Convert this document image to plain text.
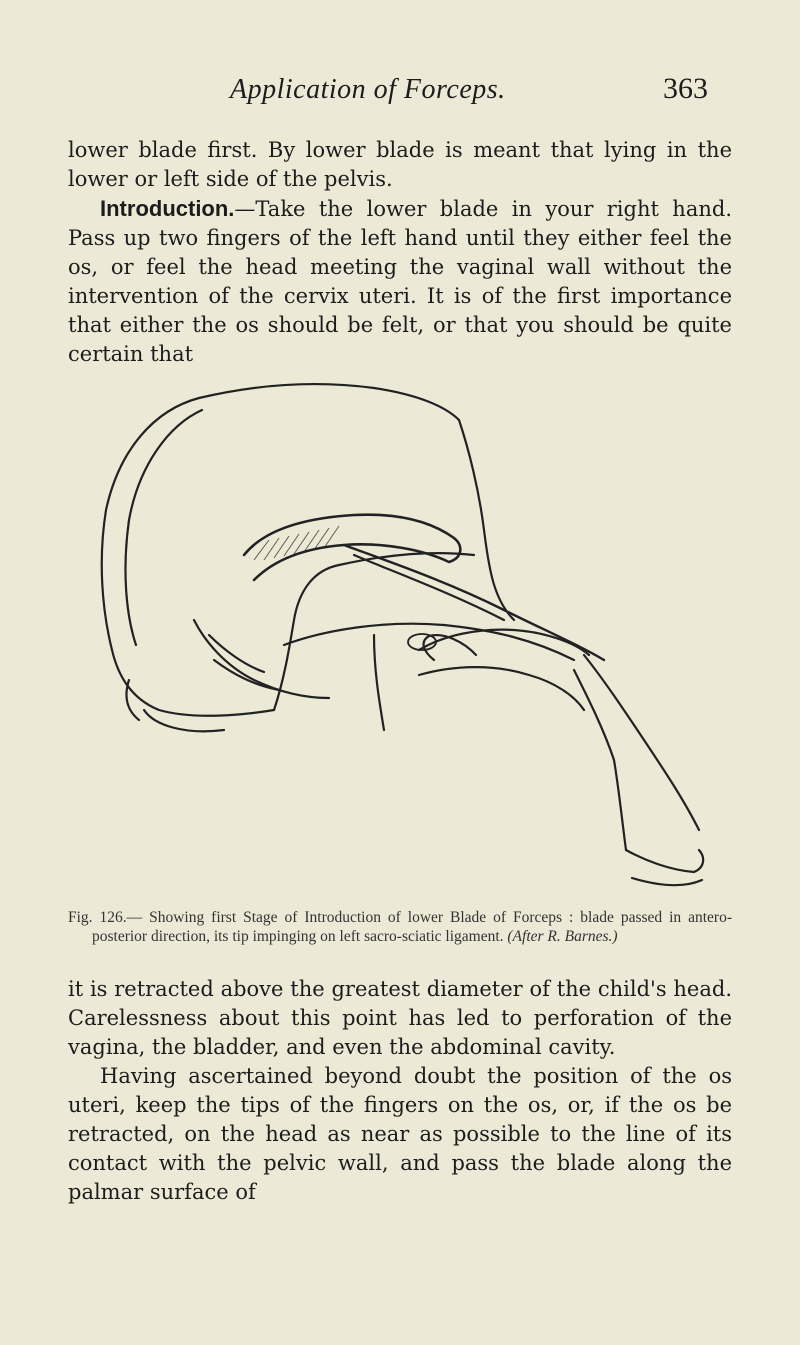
Application of Forceps.	363

lower blade first. By lower blade is meant that lying in the lower or left side of the pelvis.

Introduction.—Take the lower blade in your right hand. Pass up two fingers of the left hand until they either feel the os, or feel the head meeting the vaginal wall without the intervention of the cervix uteri. It is of the first importance that either the os should be felt, or that you should be quite certain that

Fig. 126.— Showing first Stage of Introduction of lower Blade of Forceps : blade passed in antero-posterior direction, its tip impinging on left sacro-sciatic ligament. (After R. Barnes.)

it is retracted above the greatest diameter of the child's head. Carelessness about this point has led to perforation of the vagina, the bladder, and even the abdominal cavity.

Having ascertained beyond doubt the position of the os uteri, keep the tips of the fingers on the os, or, if the os be retracted, on the head as near as possible to the line of its contact with the pelvic wall, and pass the blade along the palmar surface of
